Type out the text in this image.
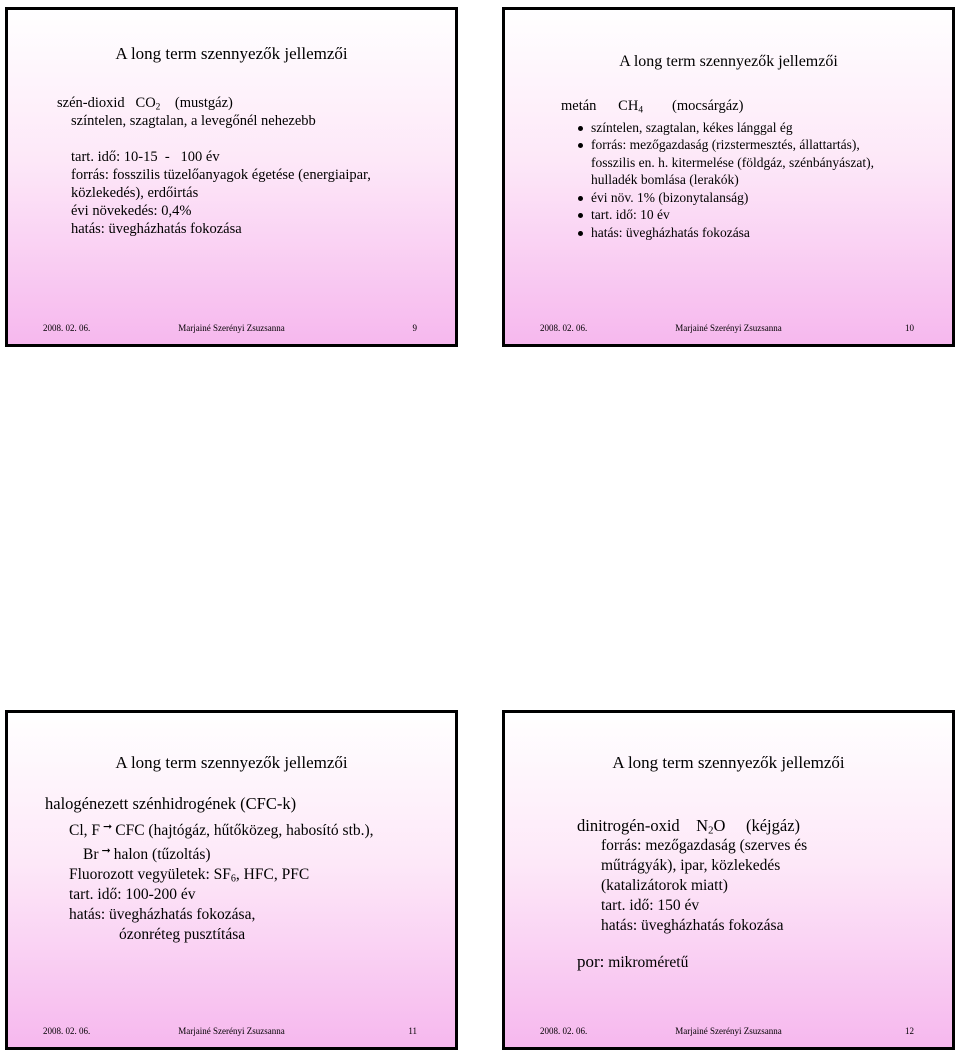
A long term szennyezők jellemzői
szén-dioxid   $CO_2$    (mustgáz)
színtelen, szagtalan, a levegőnél nehezebb
tart. idő: 10-15  -   100 év
forrás: fosszilis tüzelőanyagok égetése (energiaipar,
közlekedés), erdőirtás
évi növekedés: 0,4%
hatás: üvegházhatás fokozása
2008. 02. 06.	Marjainé Szerényi Zsuzsanna	9
A long term szennyezők jellemzői
metán      $CH_4$        (mocsárgáz)
színtelen, szagtalan, kékes lánggal ég
forrás: mezőgazdaság (rizstermesztés, állattartás),
fosszilis en. h. kitermelése (földgáz, szénbányászat),
hulladék bomlása (lerakók)
évi növ. 1% (bizonytalanság)
tart. idő: 10 év
hatás: üvegházhatás fokozása
2008. 02. 06.	Marjainé Szerényi Zsuzsanna	10
A long term szennyezők jellemzői
halogénezett szénhidrogének (CFC-k)
Cl, F ➞ CFC (hajtógáz, hűtőközeg, habosító stb.),
Br ➞ halon (tűzoltás)
Fluorozott vegyületek: $SF_6$, HFC, PFC
tart. idő: 100-200 év
hatás: üvegházhatás fokozása,
ózonréteg pusztítása
2008. 02. 06.	Marjainé Szerényi Zsuzsanna	11
A long term szennyezők jellemzői
dinitrogén-oxid    $N_2O$     (kéjgáz)
forrás: mezőgazdaság (szerves és
műtrágyák), ipar, közlekedés
(katalizátorok miatt)
tart. idő: 150 év
hatás: üvegházhatás fokozása
por: mikroméretű
2008. 02. 06.	Marjainé Szerényi Zsuzsanna	12
